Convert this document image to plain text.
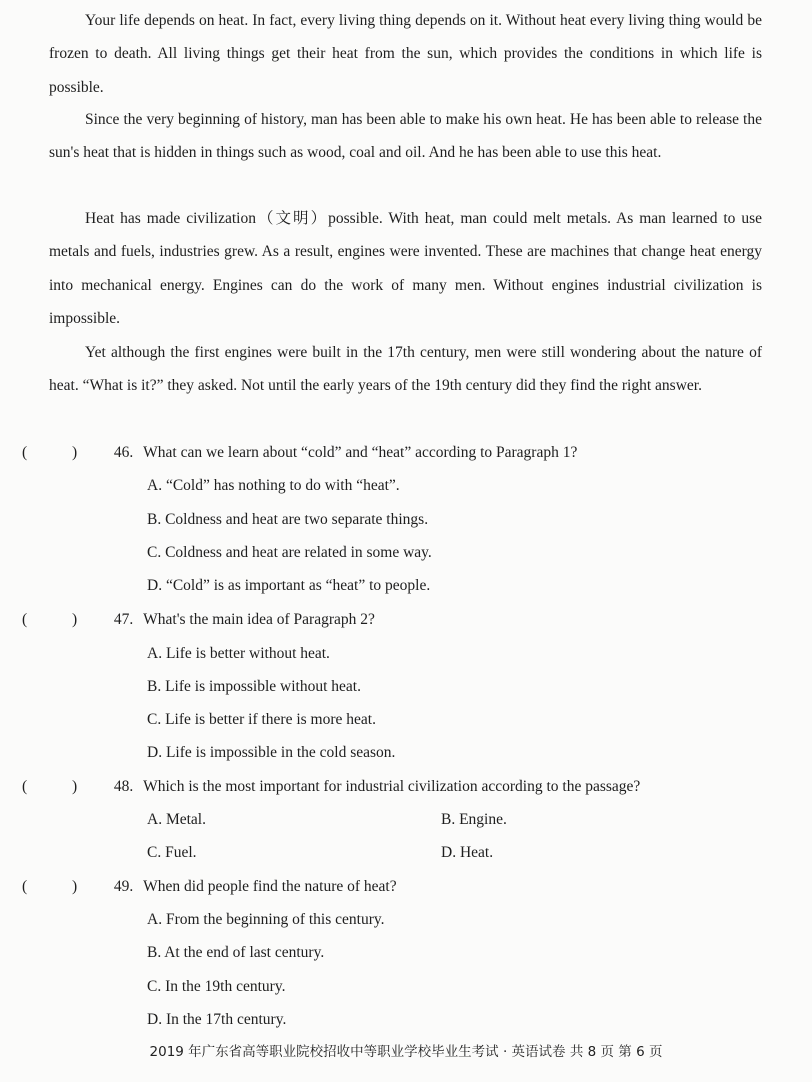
Your life depends on heat. In fact, every living thing depends on it. Without heat every living thing would be frozen to death. All living things get their heat from the sun, which provides the conditions in which life is possible.

Since the very beginning of history, man has been able to make his own heat. He has been able to release the sun's heat that is hidden in things such as wood, coal and oil. And he has been able to use this heat.

Heat has made civilization（文明）possible. With heat, man could melt metals. As man learned to use metals and fuels, industries grew. As a result, engines were invented. These are machines that change heat energy into mechanical energy. Engines can do the work of many men. Without engines industrial civilization is impossible.

Yet although the first engines were built in the 17th century, men were still wondering about the nature of heat. “What is it?” they asked. Not until the early years of the 19th century did they find the right answer.

(	) 46. What can we learn about “cold” and “heat” according to Paragraph 1?
A. “Cold” has nothing to do with “heat”.
B. Coldness and heat are two separate things.
C. Coldness and heat are related in some way.
D. “Cold” is as important as “heat” to people.
(	) 47. What's the main idea of Paragraph 2?
A. Life is better without heat.
B. Life is impossible without heat.
C. Life is better if there is more heat.
D. Life is impossible in the cold season.
(	) 48. Which is the most important for industrial civilization according to the passage?
A. Metal.	B. Engine.
C. Fuel.	D. Heat.
(	) 49. When did people find the nature of heat?
A. From the beginning of this century.
B. At the end of last century.
C. In the 19th century.
D. In the 17th century.
2019 年广东省高等职业院校招收中等职业学校毕业生考试 · 英语试卷 共 8 页 第 6 页
